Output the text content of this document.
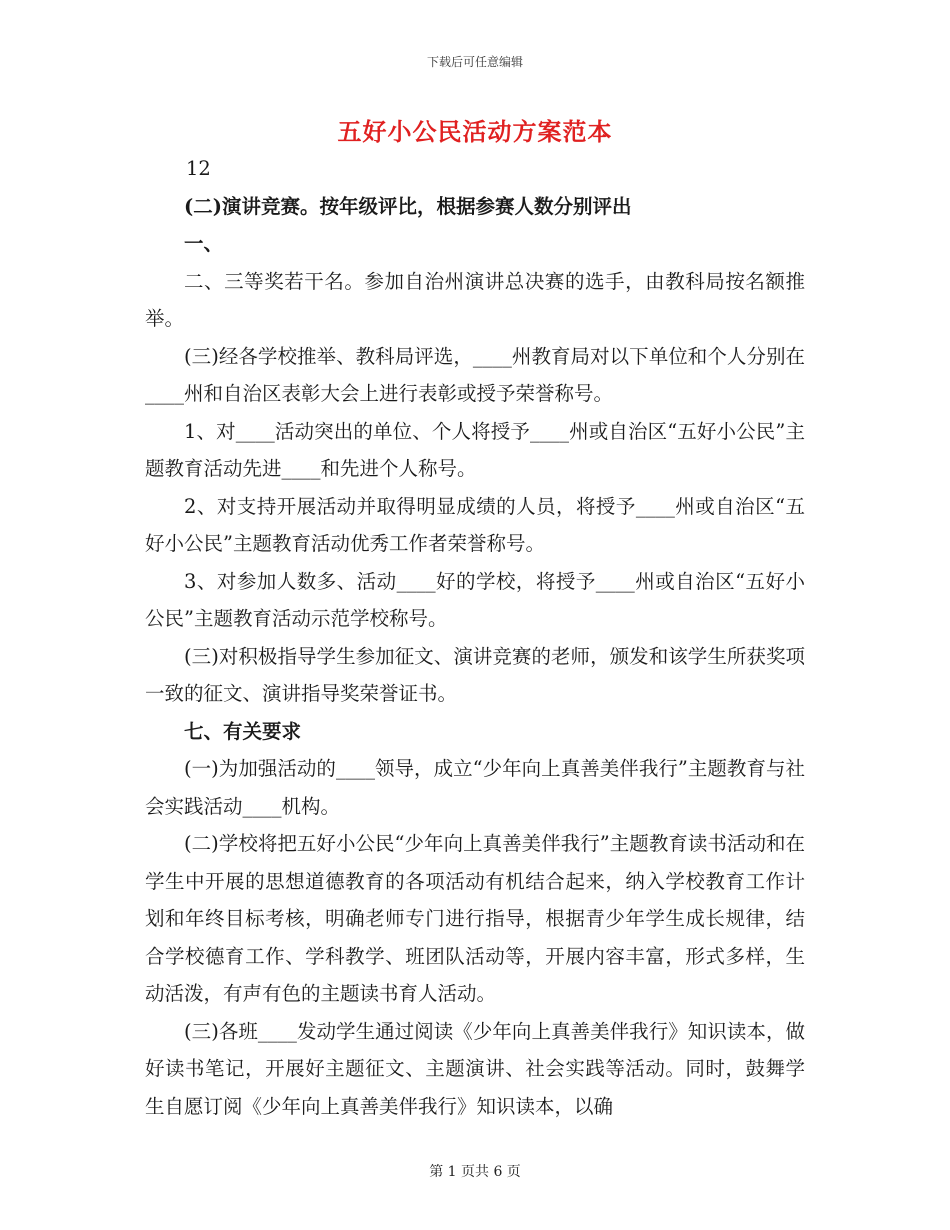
下载后可任意编辑
五好小公民活动方案范本

12

(二)演讲竞赛。按年级评比，根据参赛人数分别评出

一、

二、三等奖若干名。参加自治州演讲总决赛的选手，由教科局按名额推举。

(三)经各学校推举、教科局评选，____州教育局对以下单位和个人分别在____州和自治区表彰大会上进行表彰或授予荣誉称号。

1、对____活动突出的单位、个人将授予____州或自治区“五好小公民”主题教育活动先进____和先进个人称号。

2、对支持开展活动并取得明显成绩的人员，将授予____州或自治区“五好小公民”主题教育活动优秀工作者荣誉称号。

3、对参加人数多、活动____好的学校，将授予____州或自治区“五好小公民”主题教育活动示范学校称号。

(三)对积极指导学生参加征文、演讲竞赛的老师，颁发和该学生所获奖项一致的征文、演讲指导奖荣誉证书。

七、有关要求

(一)为加强活动的____领导，成立“少年向上真善美伴我行”主题教育与社会实践活动____机构。

(二)学校将把五好小公民“少年向上真善美伴我行”主题教育读书活动和在学生中开展的思想道德教育的各项活动有机结合起来，纳入学校教育工作计划和年终目标考核，明确老师专门进行指导，根据青少年学生成长规律，结合学校德育工作、学科教学、班团队活动等，开展内容丰富，形式多样，生动活泼，有声有色的主题读书育人活动。

(三)各班____发动学生通过阅读《少年向上真善美伴我行》知识读本，做好读书笔记，开展好主题征文、主题演讲、社会实践等活动。同时，鼓舞学生自愿订阅《少年向上真善美伴我行》知识读本，以确

第 1 页共 6 页
